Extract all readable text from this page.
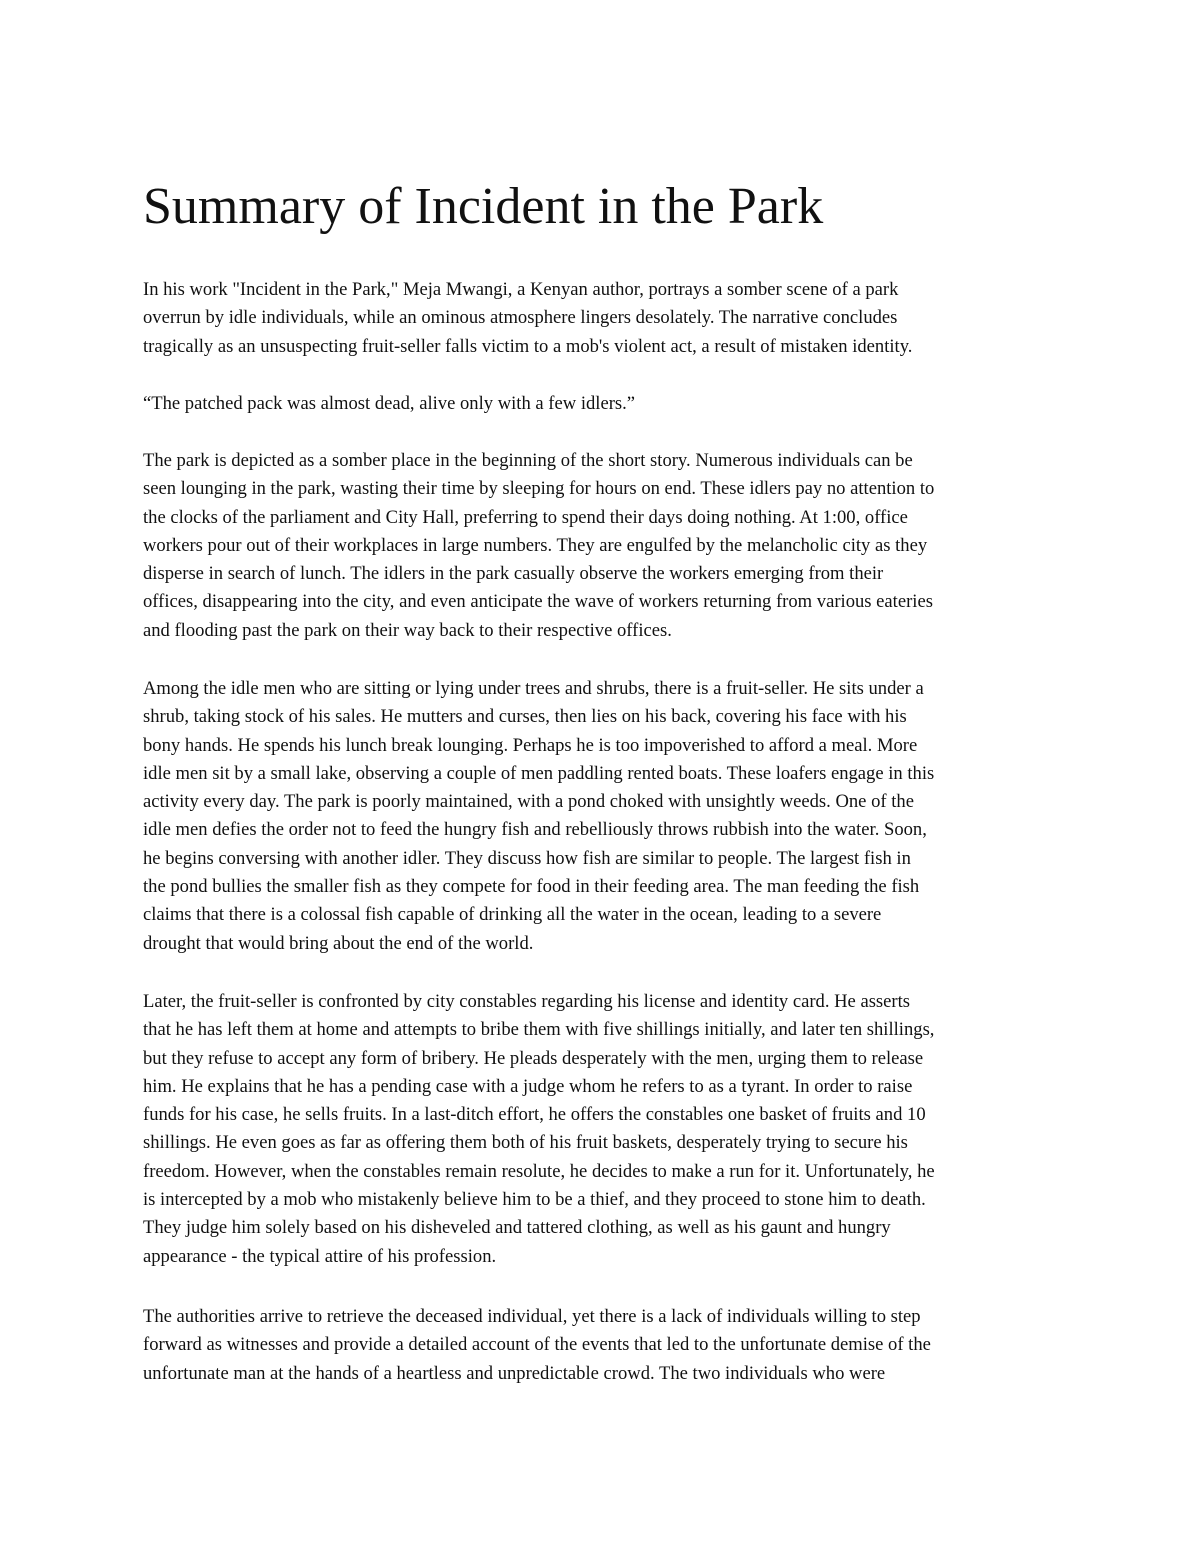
Summary of Incident in the Park

In his work "Incident in the Park," Meja Mwangi, a Kenyan author, portrays a somber scene of a park
overrun by idle individuals, while an ominous atmosphere lingers desolately. The narrative concludes
tragically as an unsuspecting fruit-seller falls victim to a mob's violent act, a result of mistaken identity.

“The patched pack was almost dead, alive only with a few idlers.”

The park is depicted as a somber place in the beginning of the short story. Numerous individuals can be
seen lounging in the park, wasting their time by sleeping for hours on end. These idlers pay no attention to
the clocks of the parliament and City Hall, preferring to spend their days doing nothing. At 1:00, office
workers pour out of their workplaces in large numbers. They are engulfed by the melancholic city as they
disperse in search of lunch. The idlers in the park casually observe the workers emerging from their
offices, disappearing into the city, and even anticipate the wave of workers returning from various eateries
and flooding past the park on their way back to their respective offices.

Among the idle men who are sitting or lying under trees and shrubs, there is a fruit-seller. He sits under a
shrub, taking stock of his sales. He mutters and curses, then lies on his back, covering his face with his
bony hands. He spends his lunch break lounging. Perhaps he is too impoverished to afford a meal. More
idle men sit by a small lake, observing a couple of men paddling rented boats. These loafers engage in this
activity every day. The park is poorly maintained, with a pond choked with unsightly weeds. One of the
idle men defies the order not to feed the hungry fish and rebelliously throws rubbish into the water. Soon,
he begins conversing with another idler. They discuss how fish are similar to people. The largest fish in
the pond bullies the smaller fish as they compete for food in their feeding area. The man feeding the fish
claims that there is a colossal fish capable of drinking all the water in the ocean, leading to a severe
drought that would bring about the end of the world.

Later, the fruit-seller is confronted by city constables regarding his license and identity card. He asserts
that he has left them at home and attempts to bribe them with five shillings initially, and later ten shillings,
but they refuse to accept any form of bribery. He pleads desperately with the men, urging them to release
him. He explains that he has a pending case with a judge whom he refers to as a tyrant. In order to raise
funds for his case, he sells fruits. In a last-ditch effort, he offers the constables one basket of fruits and 10
shillings. He even goes as far as offering them both of his fruit baskets, desperately trying to secure his
freedom. However, when the constables remain resolute, he decides to make a run for it. Unfortunately, he
is intercepted by a mob who mistakenly believe him to be a thief, and they proceed to stone him to death.
They judge him solely based on his disheveled and tattered clothing, as well as his gaunt and hungry
appearance - the typical attire of his profession.

The authorities arrive to retrieve the deceased individual, yet there is a lack of individuals willing to step
forward as witnesses and provide a detailed account of the events that led to the unfortunate demise of the
unfortunate man at the hands of a heartless and unpredictable crowd. The two individuals who were
